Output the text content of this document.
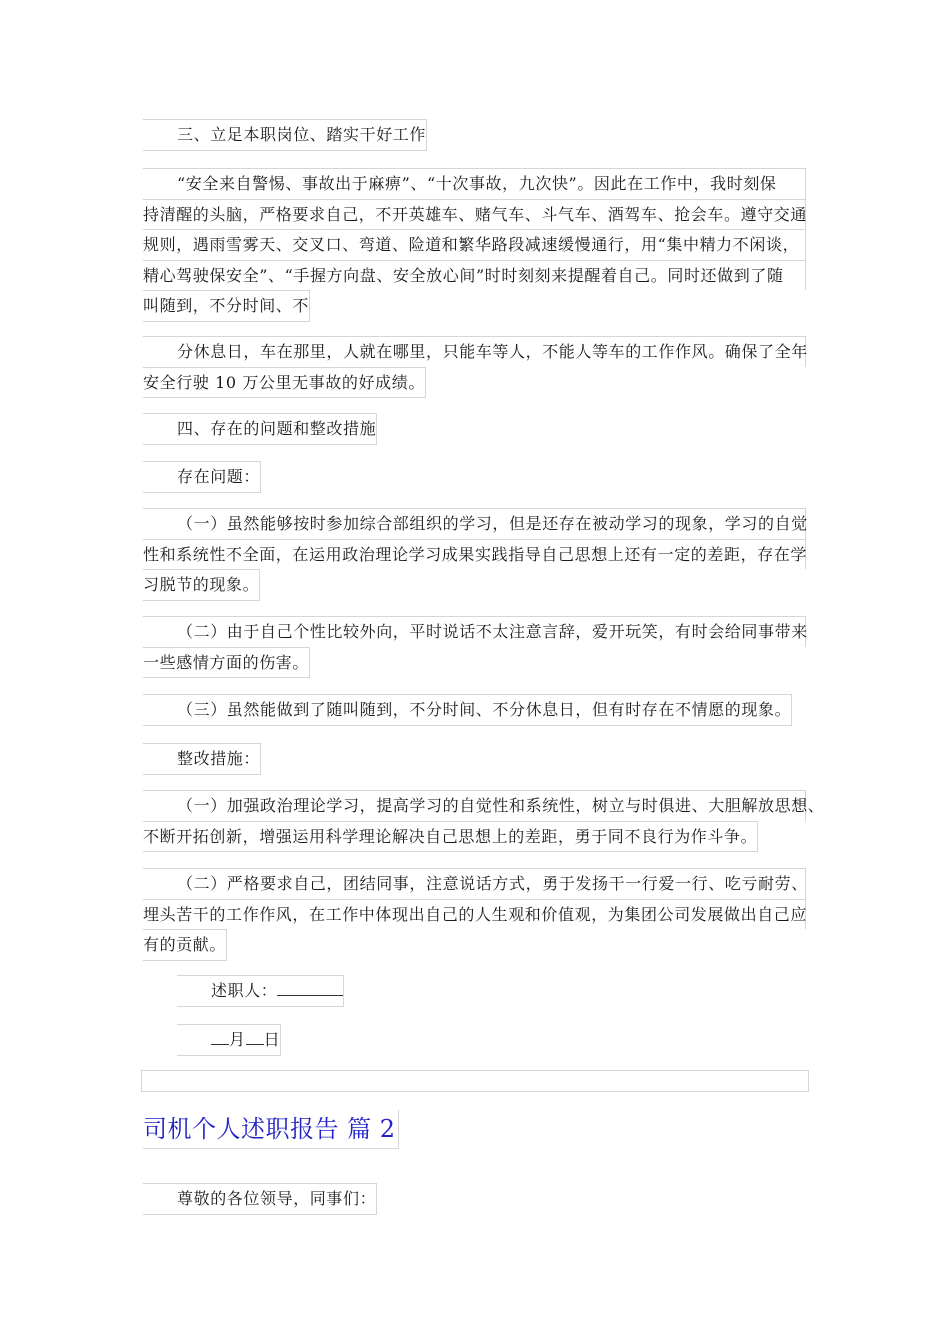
三、立足本职岗位、踏实干好工作
“安全来自警惕、事故出于麻痹”、“十次事故，九次快”。因此在工作中，我时刻保
持清醒的头脑，严格要求自己，不开英雄车、赌气车、斗气车、酒驾车、抢会车。遵守交通
规则，遇雨雪雾天、交叉口、弯道、险道和繁华路段减速缓慢通行，用“集中精力不闲谈，
精心驾驶保安全”、“手握方向盘、安全放心间”时时刻刻来提醒着自己。同时还做到了随
叫随到，不分时间、不
分休息日，车在那里，人就在哪里，只能车等人，不能人等车的工作作风。确保了全年
安全行驶 10 万公里无事故的好成绩。
四、存在的问题和整改措施
存在问题：
（一）虽然能够按时参加综合部组织的学习，但是还存在被动学习的现象，学习的自觉
性和系统性不全面，在运用政治理论学习成果实践指导自己思想上还有一定的差距，存在学
习脱节的现象。
（二）由于自己个性比较外向，平时说话不太注意言辞，爱开玩笑，有时会给同事带来
一些感情方面的伤害。
（三）虽然能做到了随叫随到，不分时间、不分休息日，但有时存在不情愿的现象。
整改措施：
（一）加强政治理论学习，提高学习的自觉性和系统性，树立与时俱进、大胆解放思想、
不断开拓创新，增强运用科学理论解决自己思想上的差距，勇于同不良行为作斗争。
（二）严格要求自己，团结同事，注意说话方式，勇于发扬干一行爱一行、吃亏耐劳、
埋头苦干的工作作风，在工作中体现出自己的人生观和价值观，为集团公司发展做出自己应
有的贡献。
述职人：
月 日
司机个人述职报告 篇 2
尊敬的各位领导，同事们：
